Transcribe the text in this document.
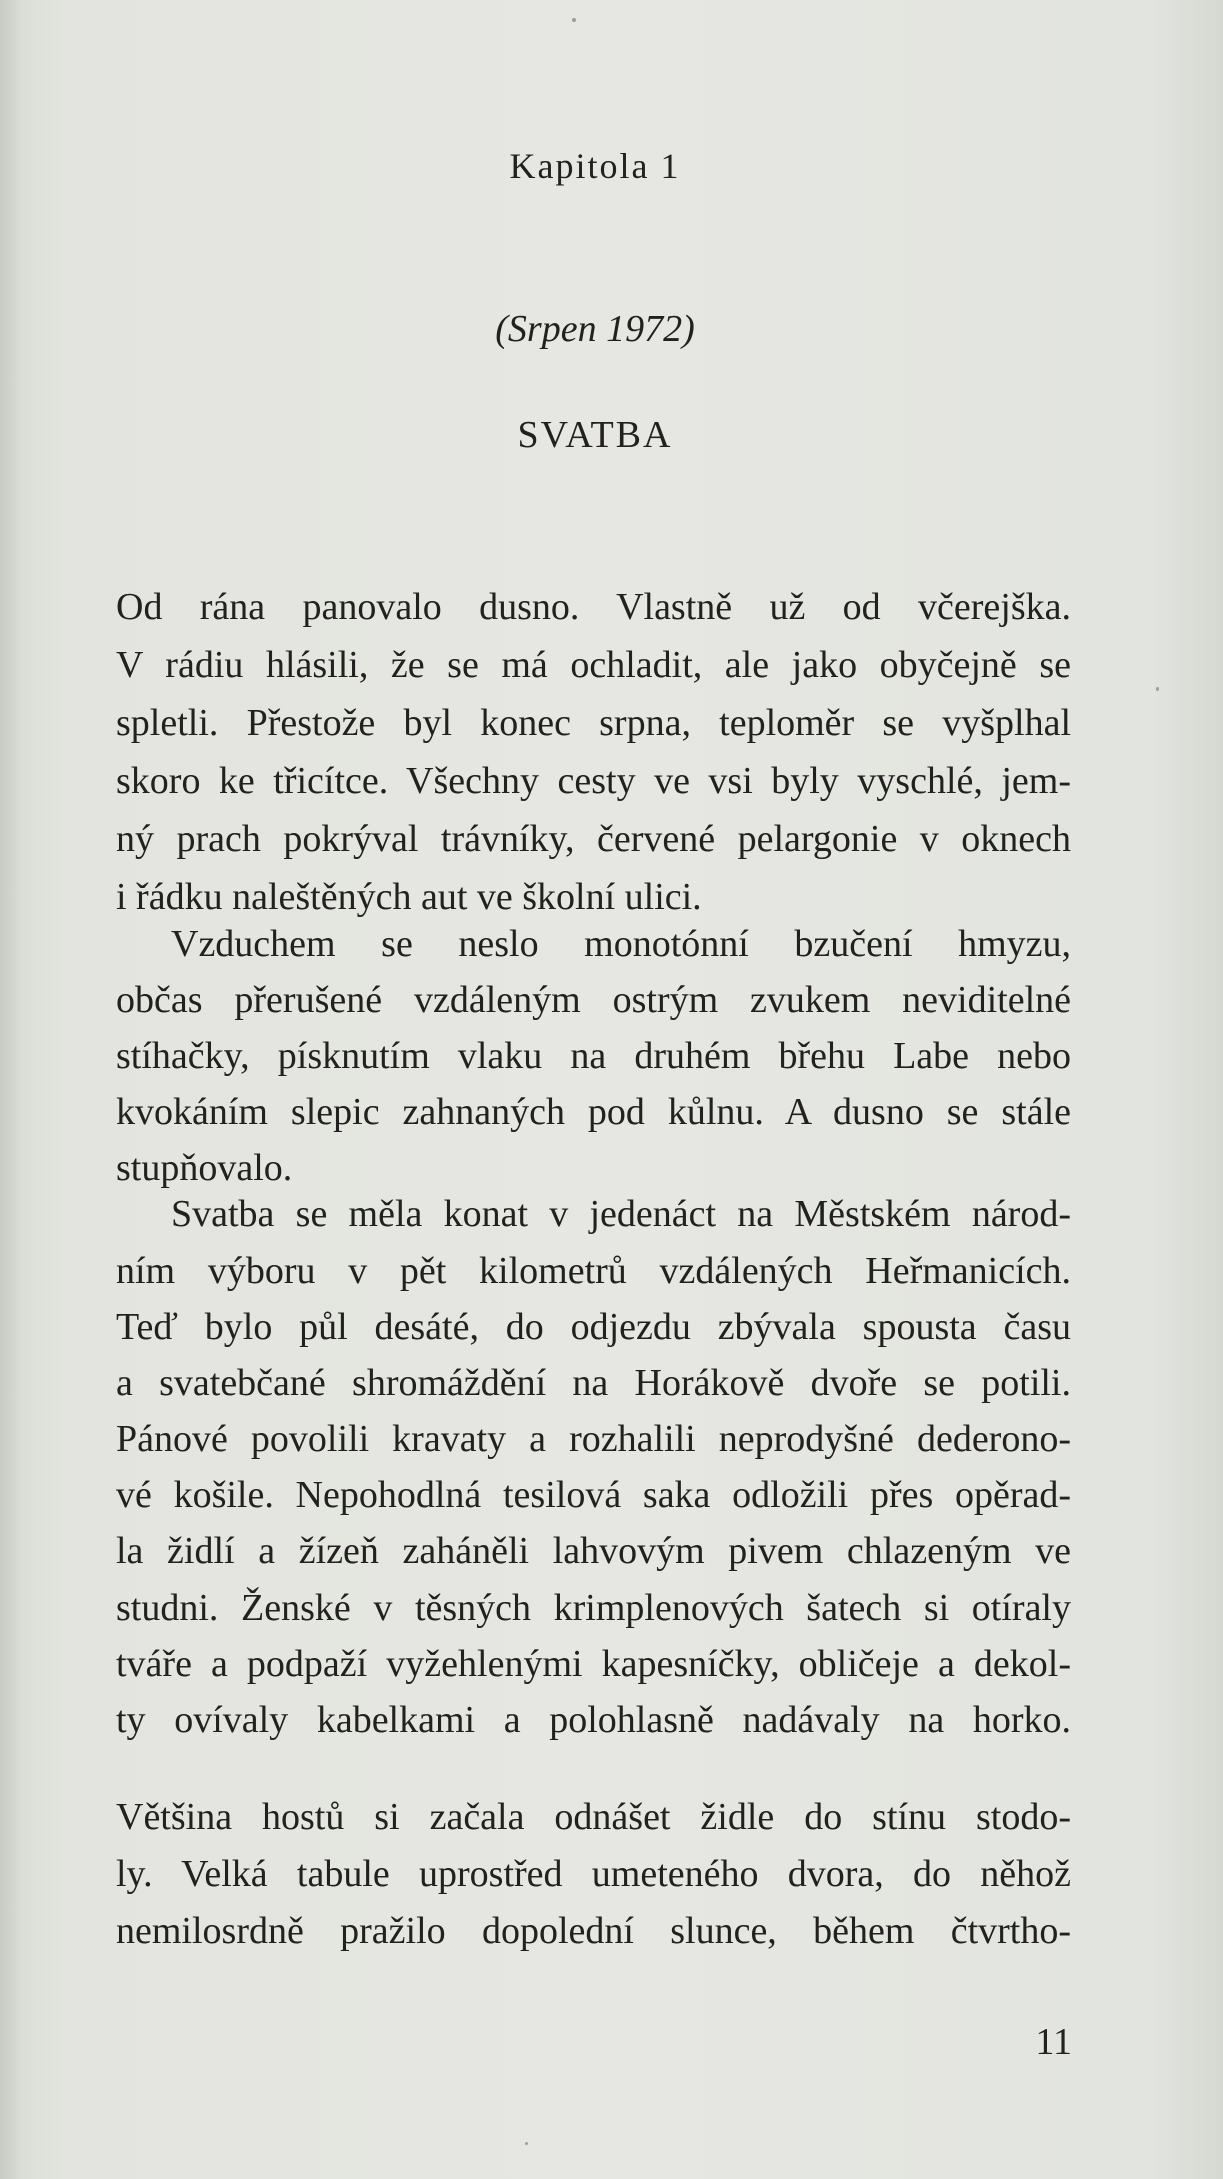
Kapitola 1
(Srpen 1972)
SVATBA

Od rána panovalo dusno. Vlastně už od včerejška.

V rádiu hlásili, že se má ochladit, ale jako obyčejně se

spletli. Přestože byl konec srpna, teploměr se vyšplhal

skoro ke třicítce. Všechny cesty ve vsi byly vyschlé, jem-

ný prach pokrýval trávníky, červené pelargonie v oknech

i řádku naleštěných aut ve školní ulici.

Vzduchem se neslo monotónní bzučení hmyzu,

občas přerušené vzdáleným ostrým zvukem neviditelné

stíhačky, písknutím vlaku na druhém břehu Labe nebo

kvokáním slepic zahnaných pod kůlnu. A dusno se stále

stupňovalo.

Svatba se měla konat v jedenáct na Městském národ-

ním výboru v pět kilometrů vzdálených Heřmanicích.

Teď bylo půl desáté, do odjezdu zbývala spousta času

a svatebčané shromáždění na Horákově dvoře se potili.

Pánové povolili kravaty a rozhalili neprodyšné dederono-

vé košile. Nepohodlná tesilová saka odložili přes opěrad-

la židlí a žízeň zaháněli lahvovým pivem chlazeným ve

studni. Ženské v těsných krimplenových šatech si otíraly

tváře a podpaží vyžehlenými kapesníčky, obličeje a dekol-

ty ovívaly kabelkami a polohlasně nadávaly na horko.

Většina hostů si začala odnášet židle do stínu stodo-

ly. Velká tabule uprostřed umeteného dvora, do něhož

nemilosrdně pražilo dopolední slunce, během čtvrtho-

11
